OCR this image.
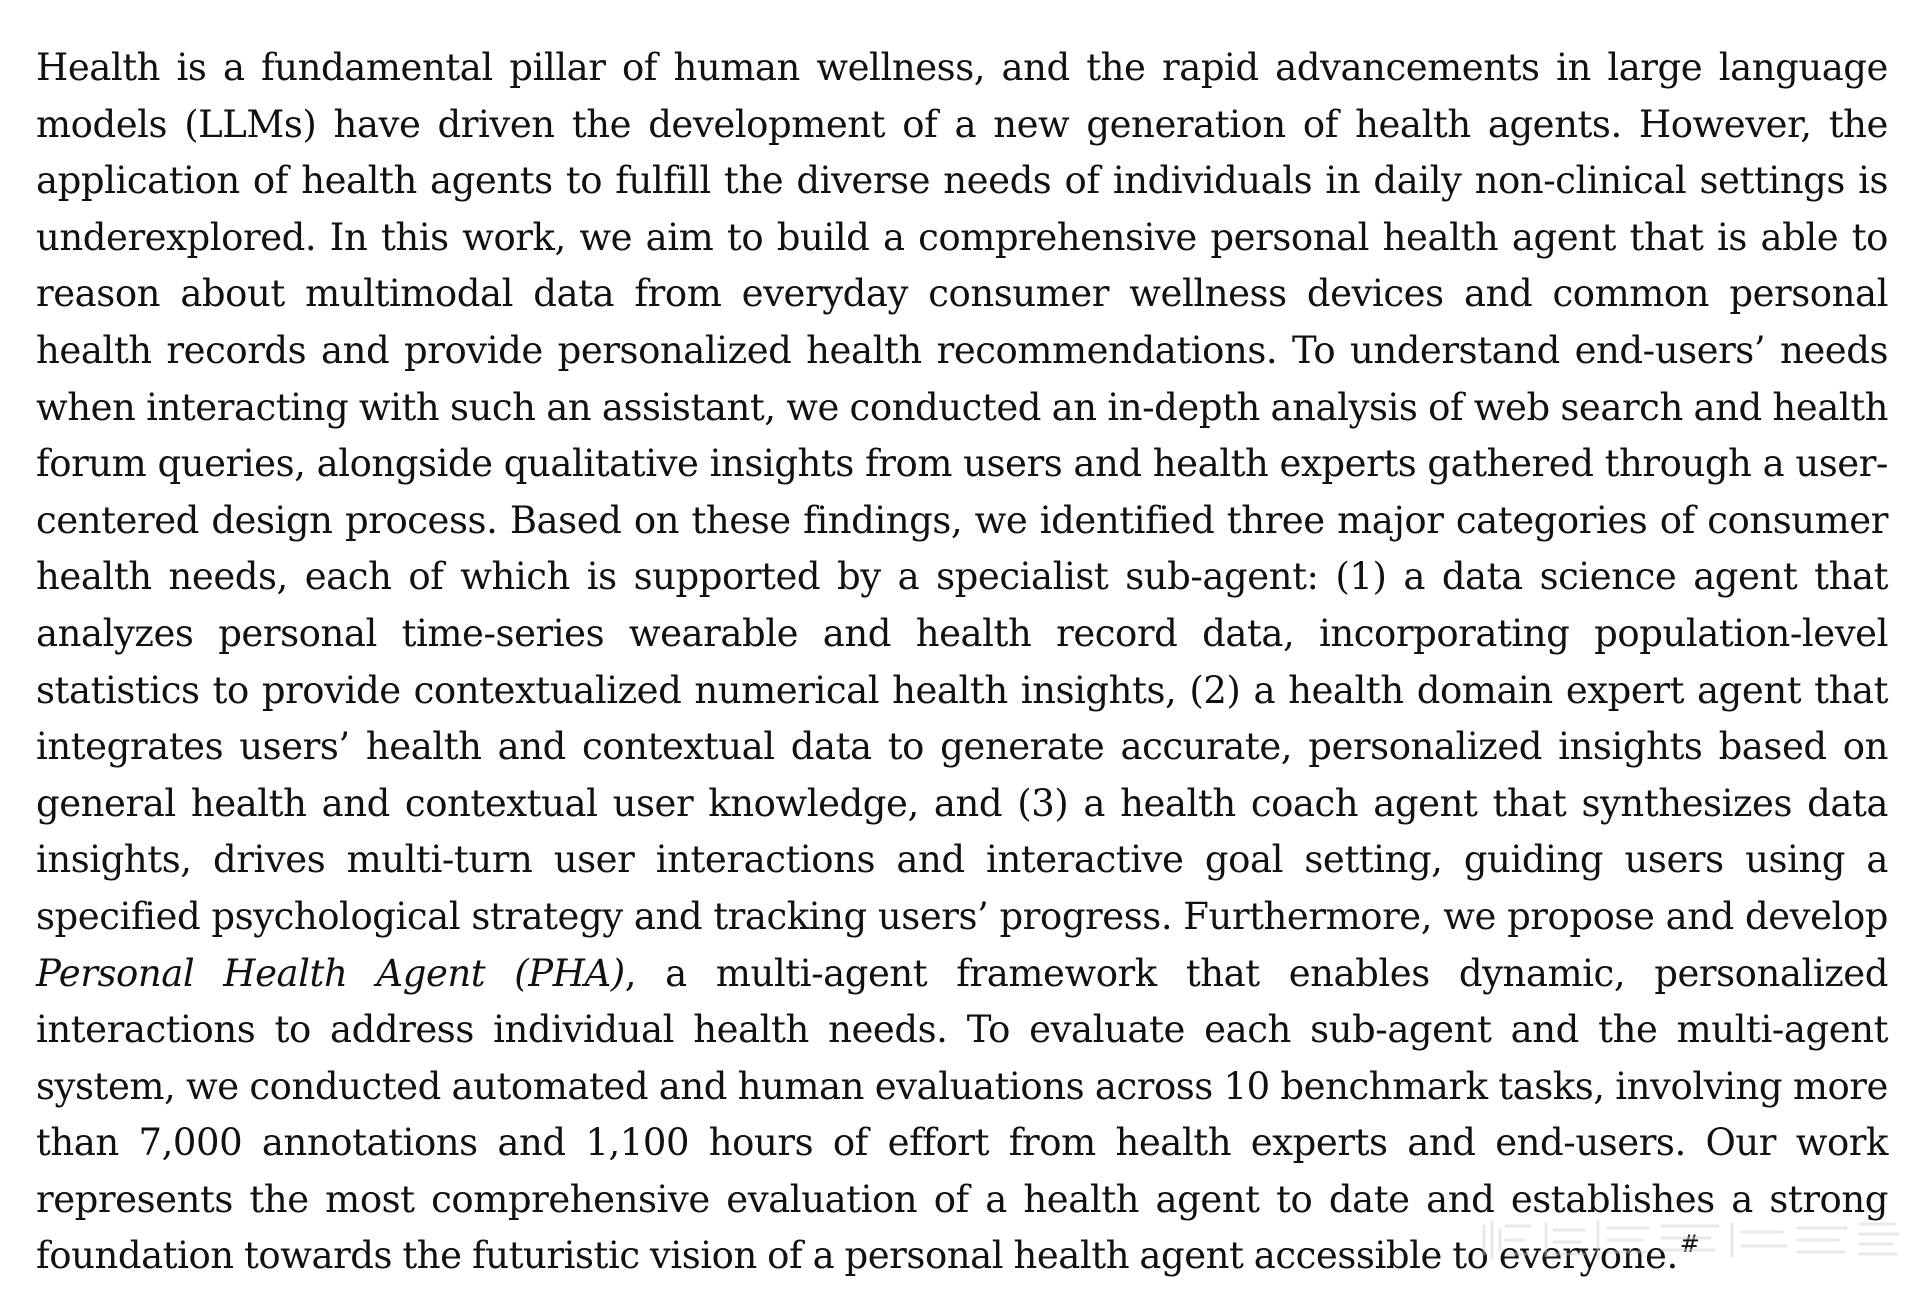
Health is a fundamental pillar of human wellness, and the rapid advancements in large language models (LLMs) have driven the development of a new generation of health agents. However, the application of health agents to fulfill the diverse needs of individuals in daily non-clinical settings is underexplored. In this work, we aim to build a comprehensive personal health agent that is able to reason about multimodal data from everyday consumer wellness devices and common personal health records and provide personalized health recommendations. To understand end-users’ needs when interacting with such an assistant, we conducted an in-depth analysis of web search and health forum queries, alongside qualitative insights from users and health experts gathered through a user-centered design process. Based on these findings, we identified three major categories of consumer health needs, each of which is supported by a specialist sub-agent: (1) a data science agent that analyzes personal time-series wearable and health record data, incorporating population-level statistics to provide contextualized numerical health insights, (2) a health domain expert agent that integrates users’ health and contextual data to generate accurate, personalized insights based on general health and contextual user knowledge, and (3) a health coach agent that synthesizes data insights, drives multi-turn user interactions and interactive goal setting, guiding users using a specified psychological strategy and tracking users’ progress. Furthermore, we propose and develop Personal Health Agent (PHA), a multi-agent framework that enables dynamic, personalized interactions to address individual health needs. To evaluate each sub-agent and the multi-agent system, we conducted automated and human evaluations across 10 benchmark tasks, involving more than 7,000 annotations and 1,100 hours of effort from health experts and end-users. Our work represents the most comprehensive evaluation of a health agent to date and establishes a strong foundation towards the futuristic vision of a personal health agent accessible to everyone.#
